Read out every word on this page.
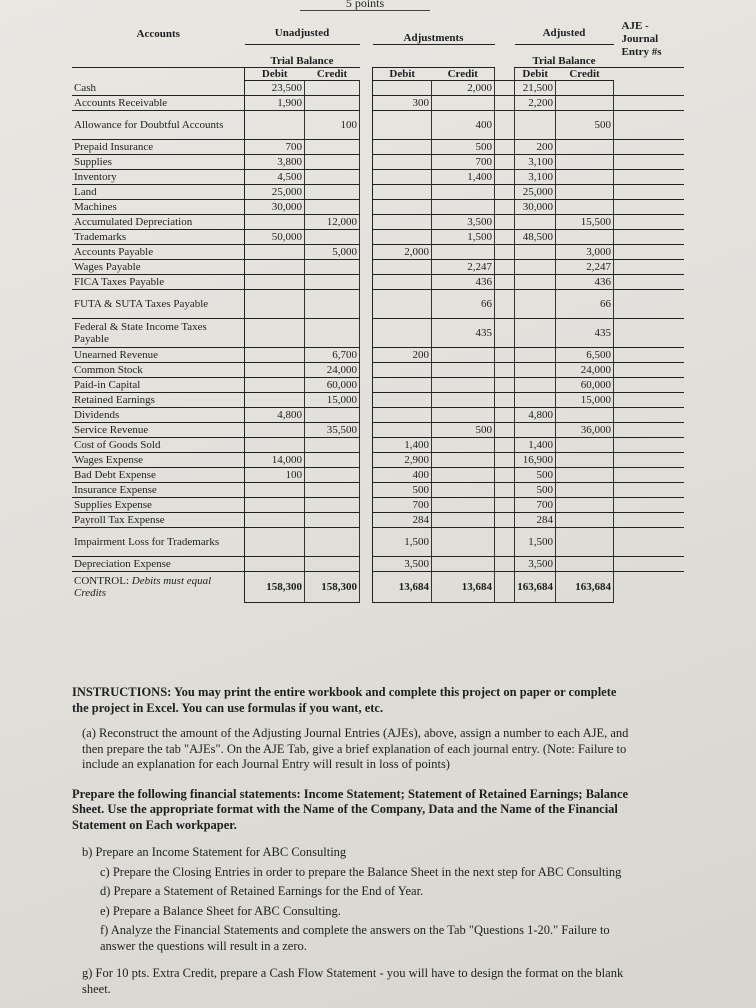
5 points
Accounts	Unadjusted			Adjustments			Adjusted		AJE -
Journal
Entry #s

	Trial Balance						Trial Balance		
	Debit	Credit		Debit	Credit		Debit	Credit	
Cash	23,500				2,000		21,500		
Accounts Receivable	1,900			300			2,200		
Allowance for Doubtful Accounts		100			400			500	
Prepaid Insurance	700				500		200		
Supplies	3,800				700		3,100		
Inventory	4,500				1,400		3,100		
Land	25,000						25,000		
Machines	30,000						30,000		
Accumulated Depreciation		12,000			3,500			15,500	
Trademarks	50,000				1,500		48,500		
Accounts Payable		5,000		2,000				3,000	
Wages Payable					2,247			2,247	
FICA Taxes Payable					436			436	
FUTA & SUTA Taxes Payable					66			66	
Federal & State Income Taxes Payable					435			435	
Unearned Revenue		6,700		200				6,500	
Common Stock		24,000						24,000	
Paid-in Capital		60,000						60,000	
Retained Earnings		15,000						15,000	
Dividends	4,800						4,800		
Service Revenue		35,500			500			36,000	
Cost of Goods Sold				1,400			1,400		
Wages Expense	14,000			2,900			16,900		
Bad Debt Expense	100			400			500		
Insurance Expense				500			500		
Supplies Expense				700			700		
Payroll Tax Expense				284			284		
Impairment Loss for Trademarks				1,500			1,500		
Depreciation Expense				3,500			3,500		
CONTROL: Debits must equal Credits	158,300	158,300		13,684	13,684		163,684	163,684	

INSTRUCTIONS: You may print the entire workbook and complete this project on paper or complete the project in Excel. You can use formulas if you want, etc.

(a) Reconstruct the amount of the Adjusting Journal Entries (AJEs), above, assign a number to each AJE, and then prepare the tab "AJEs". On the AJE Tab, give a brief explanation of each journal entry. (Note: Failure to include an explanation for each Journal Entry will result in loss of points)

Prepare the following financial statements: Income Statement; Statement of Retained Earnings; Balance Sheet. Use the appropriate format with the Name of the Company, Data and the Name of the Financial Statement on Each workpaper.

b) Prepare an Income Statement for ABC Consulting

c) Prepare the Closing Entries in order to prepare the Balance Sheet in the next step for ABC Consulting

d) Prepare a Statement of Retained Earnings for the End of Year.

e) Prepare a Balance Sheet for ABC Consulting.

f) Analyze the Financial Statements and complete the answers on the Tab "Questions 1-20." Failure to answer the questions will result in a zero.

g) For 10 pts. Extra Credit, prepare a Cash Flow Statement - you will have to design the format on the blank sheet.
